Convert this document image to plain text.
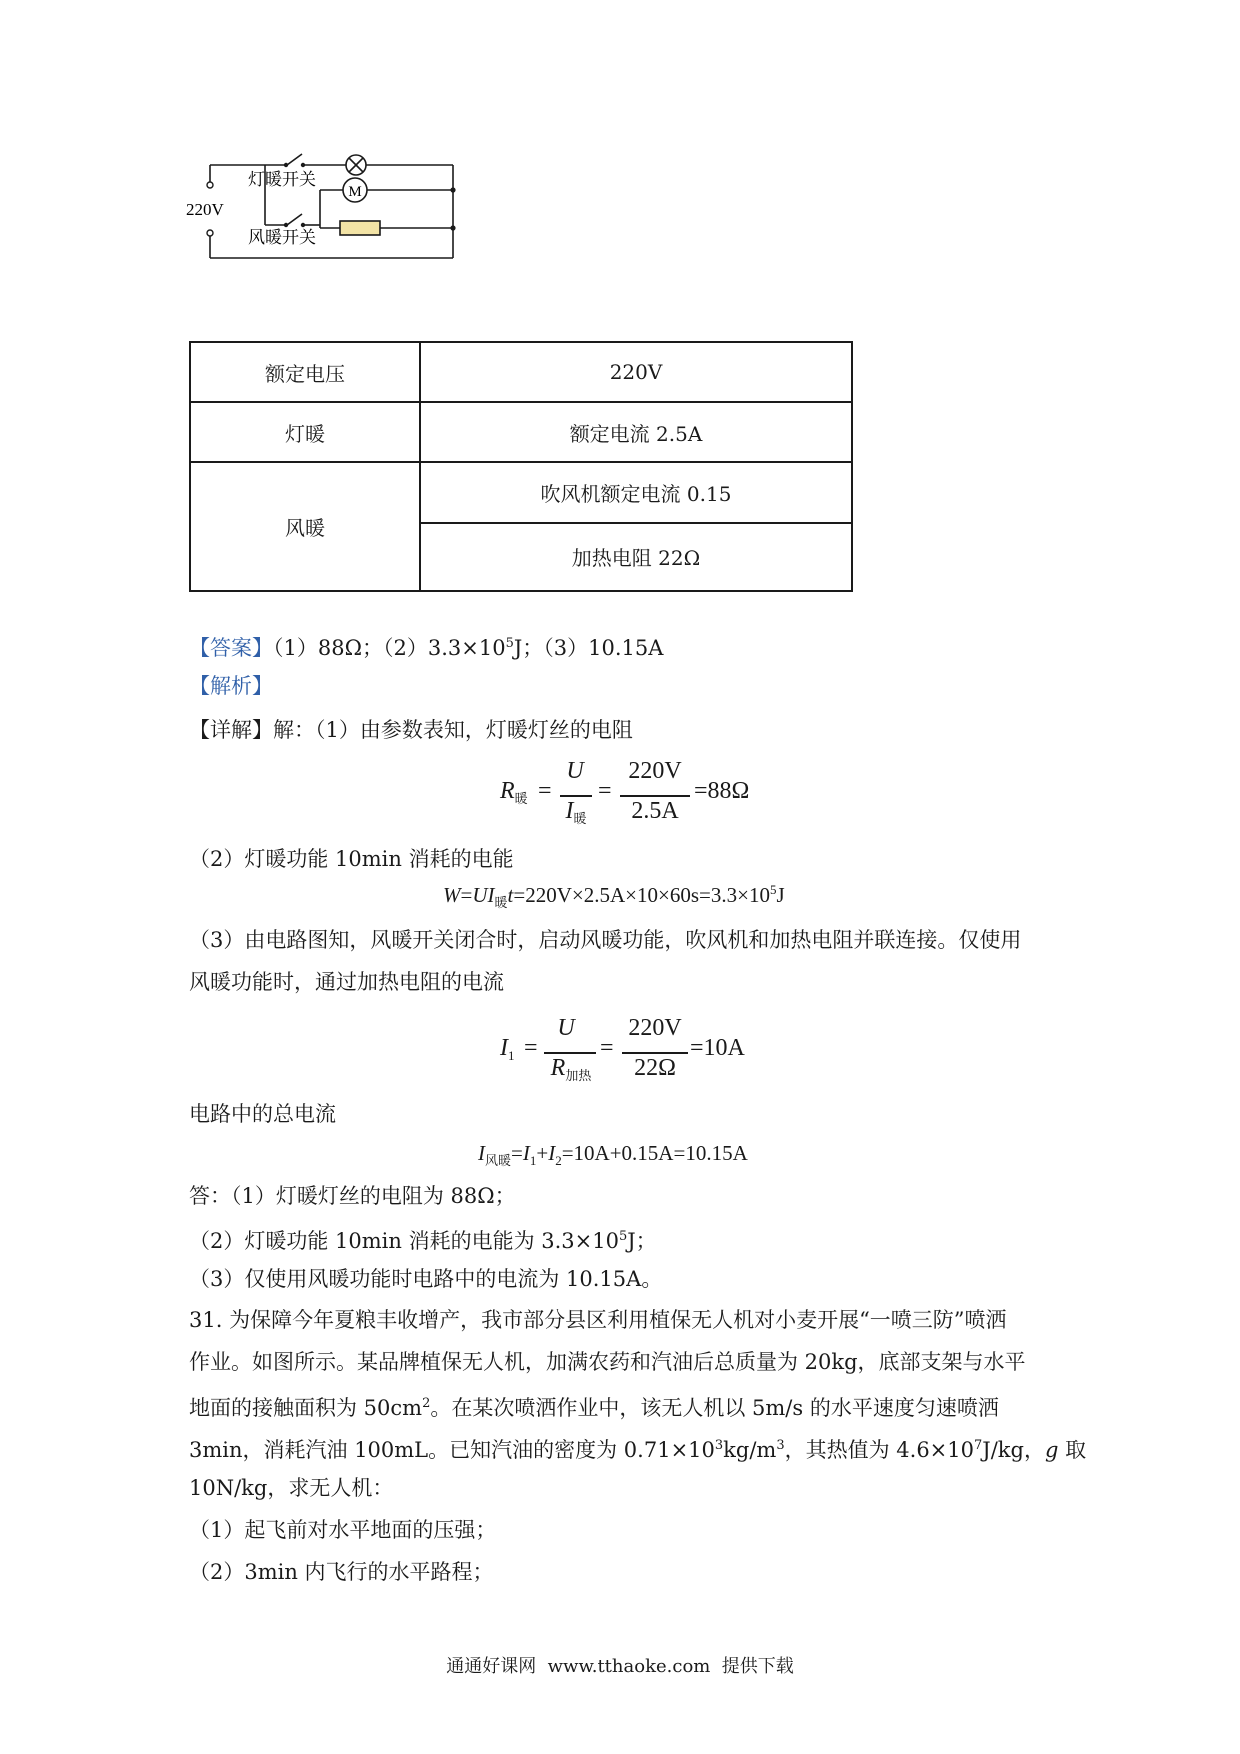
M
220V
灯暖开关
风暖开关
额定电压	220V
灯暖	额定电流 2.5A
风暖	吹风机额定电流 0.15
	加热电阻 22Ω
【答案】（1）88Ω；$(2)3.3\times 10^5J$；（3）10.15A
【解析】
【详解】解：（1）由参数表知，灯暖灯丝的电阻
$R_暖$ =
U
$I_暖$
=
220V
2.5A
=88Ω
（2）灯暖功能 10min 消耗的电能
$W=UI_暖t=220V\times 2.5A\times 10\times 60s=3.3\times 10^5J$
（3）由电路图知，风暖开关闭合时，启动风暖功能，吹风机和加热电阻并联连接。仅使用
风暖功能时，通过加热电阻的电流
$I_1$ =
U
$R_{加热}$
=
220V
22Ω
=10A
电路中的总电流
$I_{风暖}=I_1+I_2=10A+0.15A=10.15A$
答：（1）灯暖灯丝的电阻为 88Ω；
（2）灯暖功能 10min 消耗的电能为 $3.3\times 10^5J$；
（3）仅使用风暖功能时电路中的电流为 10.15A。
31. 为保障今年夏粮丰收增产，我市部分县区利用植保无人机对小麦开展“一喷三防”喷洒
作业。如图所示。某品牌植保无人机，加满农药和汽油后总质量为 20kg，底部支架与水平
地面的接触面积为 $50cm^2$。在某次喷洒作业中，该无人机以 5m/s 的水平速度匀速喷洒
3min，消耗汽油 100mL。已知汽油的密度为 $0.71\times 10^3kg/m^3$，其热值为 $4.6\times 10^7J/kg$，g 取
10N/kg，求无人机：
（1）起飞前对水平地面的压强；
（2）3min 内飞行的水平路程；
通通好课网  www.tthaoke.com  提供下载
